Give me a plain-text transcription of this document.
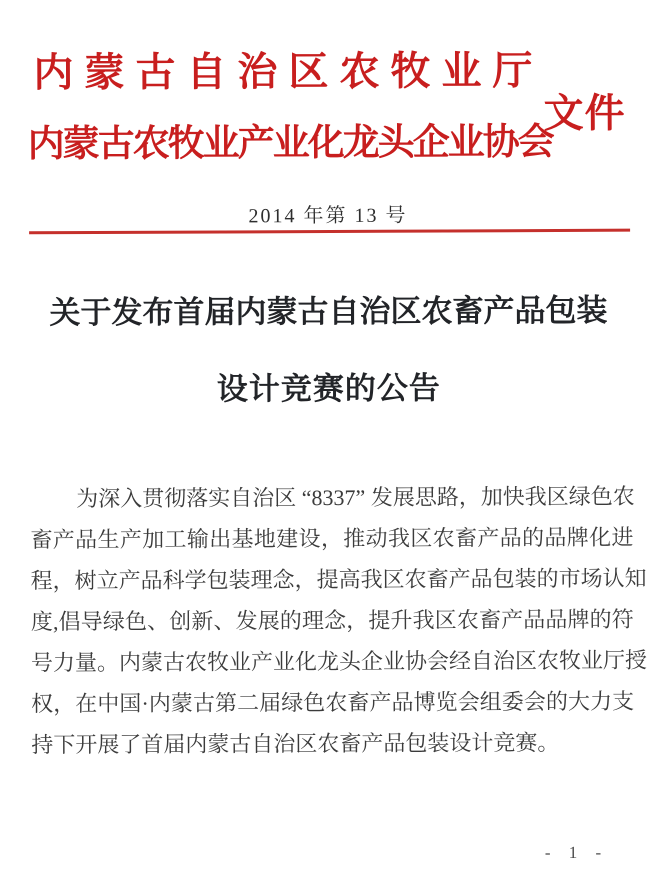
内蒙古自治区农牧业厅
文件
内蒙古农牧业产业化龙头企业协会
2014 年第 13 号
关于发布首届内蒙古自治区农畜产品包装
设计竞赛的公告
为深入贯彻落实自治区 “8337” 发展思路，加快我区绿色农
畜产品生产加工输出基地建设，推动我区农畜产品的品牌化进
程，树立产品科学包装理念，提高我区农畜产品包装的市场认知
度,倡导绿色、创新、发展的理念，提升我区农畜产品品牌的符
号力量。内蒙古农牧业产业化龙头企业协会经自治区农牧业厅授
权，在中国·内蒙古第二届绿色农畜产品博览会组委会的大力支
持下开展了首届内蒙古自治区农畜产品包装设计竞赛。
- 1 -
